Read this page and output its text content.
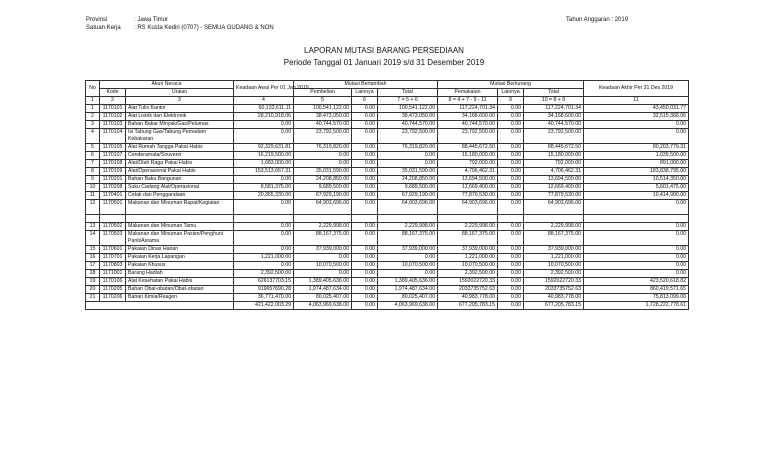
Provinsi	: Jawa Timur
Satuan Kerja : RS Kusta Kediri (0707) - SEMUA GUDANG & NON
Tahun Anggaran : 2019
LAPORAN MUTASI BARANG PERSEDIAAN
Periode Tanggal 01 Januari 2019 s/d 31 Desember 2019
No	Akun Neraca		Keadaan Awal Per 01 Jan 2019	Mutasi Bertambah			Mutasi Berkurang			Keadaan Akhir Per 31 Des 2019
	Kode	Uraian		Pembelian	Lainnya	Total	Pemakaian	Lainnya	Total	
1	2	3	4	5	6	7 = 5 + 6	8 = 4 + 7 - 9 - 11	9	10 = 8 + 9	11
1	1170101	Alat Tulis Kantor	60,133,611.11	100,541,122.00	0.00	100,541,122.00	117,224,701.34	0.00	117,224,701.34	43,450,031.77
2	1170102	Alat Listrik dan Elektronik	28,210,918.06	38,473,050.00	0.00	38,473,050.00	34,168,600.00	0.00	34,168,600.00	32,515,368.06
3	1170103	Bahan Bakar Minyak/Gas/Pelumas	0.00	40,744,570.00	0.00	40,744,570.00	40,744,570.00	0.00	40,744,570.00	0.00
4	1170104	Isi Tabung Gas/Tabung Pemadam Kebakaran	0.00	23,792,500.00	0.00	23,792,500.00	23,792,500.00	0.00	23,792,500.00	0.00
5	1170105	Alat Rumah Tangga Pakai Habis	92,329,631.81	76,319,820.00	0.00	76,319,820.00	88,445,672.50	0.00	88,445,672.50	80,203,779.31
6	1170107	Cenderamata/Souvenir	16,219,500.00	0.00	0.00	0.00	15,180,000.00	0.00	15,180,000.00	1,039,500.00
7	1170108	Alat/Olah Raga Pakai Habis	1,683,000.00	0.00	0.00	0.00	792,000.00	0.00	792,000.00	891,000.00
8	1170109	Alat/Operasional Pakai Habis	153,513,667.31	35,031,590.00	0.00	35,031,590.00	4,706,462.31	0.00	4,706,462.31	183,838,795.00
9	1170201	Bahan Baku Bangunan	0.00	24,208,850.00	0.00	24,208,850.00	13,694,500.00	0.00	13,694,500.00	10,514,350.00
10	1170208	Suku Cadang Alat/Operasional	8,581,375.00	9,689,500.00	0.00	9,689,500.00	12,669,400.00	0.00	12,669,400.00	5,601,475.00
11	1170401	Cetak dan Penggandaan	20,365,330.00	67,929,190.00	0.00	67,929,190.00	77,879,530.00	0.00	77,879,530.00	10,414,990.00
12	1170501	Makanan dan Minuman Rapat/Kegiatan	0.00	64,903,696.00	0.00	64,903,696.00	64,903,696.00	0.00	64,903,696.00	0.00

13	1170502	Makanan dan Minuman Tamu	0.00	2,229,998.00	0.00	2,229,998.00	2,229,998.00	0.00	2,229,998.00	0.00
14	1170503	Makanan dan Minuman Pasien/Penghuni Panti/Asrama	0.00	88,167,375.00	0.00	88,167,375.00	88,167,375.00	0.00	88,167,375.00	0.00
15	1170601	Pakaian Dinas Harian	0.00	37,939,000.00	0.00	37,939,000.00	37,939,000.00	0.00	37,939,000.00	0.00
16	1170701	Pakaian Kerja Lapangan	1,221,000.00	0.00	0.00	0.00	1,221,000.00	0.00	1,221,000.00	0.00
17	1170803	Pakaian Khusus	0.00	10,070,500.00	0.00	10,070,500.00	10,070,500.00	0.00	10,070,500.00	0.00
18	1171001	Barang Hadiah	2,392,500.00	0.00	0.00	0.00	2,392,500.00	0.00	2,392,500.00	0.00
19	1170106	Alat Kesehatan Pakai Habis	626137703.15	1,389,405,636.00	0.00	1,389,405,636.00	1592022720.33	0.00	1592022720.33	423,520,618.82
20	1170205	Bahan Obat-obatan/Obat-obatan	919657690.28	1,974,487,634.00	0.00	1,974,487,634.00	2033735752.63	0.00	2033735752.63	860,419,571.65
21	1170206	Bahan Kimia/Reagen	36,771,470.00	80,025,407.00	0.00	80,025,407.00	40,983,778.00	0.00	40,983,778.00	75,813,099.00
			421,422,003.29	4,063,969,638.00	0.00	4,063,969,638.00	677,205,783.15	0.00	677,205,783.15	1,728,222,778.61
